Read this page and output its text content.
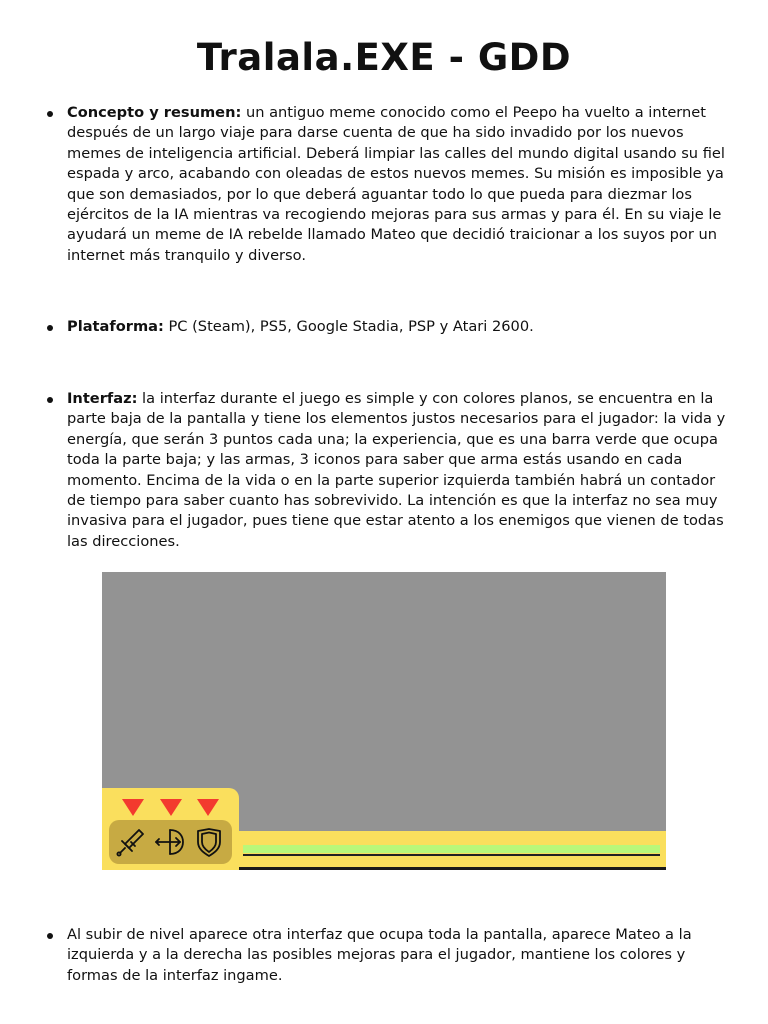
Tralala.EXE - GDD
Concepto y resumen: un antiguo meme conocido como el Peepo ha vuelto a internet después de un largo viaje para darse cuenta de que ha sido invadido por los nuevos memes de inteligencia artificial. Deberá limpiar las calles del mundo digital usando su fiel espada y arco, acabando con oleadas de estos nuevos memes. Su misión es imposible ya que son demasiados, por lo que deberá aguantar todo lo que pueda para diezmar los ejércitos de la IA mientras va recogiendo mejoras para sus armas y para él. En su viaje le ayudará un meme de IA rebelde llamado Mateo que decidió traicionar a los suyos por un internet más tranquilo y diverso.
Plataforma: PC (Steam), PS5, Google Stadia, PSP y Atari 2600.
Interfaz: la interfaz durante el juego es simple y con colores planos, se encuentra en la parte baja de la pantalla y tiene los elementos justos necesarios para el jugador: la vida y energía, que serán 3 puntos cada una; la experiencia, que es una barra verde que ocupa toda la parte baja; y las armas, 3 iconos para saber que arma estás usando en cada momento. Encima de la vida o en la parte superior izquierda también habrá un contador de tiempo para saber cuanto has sobrevivido. La intención es que la interfaz no sea muy invasiva para el jugador, pues tiene que estar atento a los enemigos que vienen de todas las direcciones.
Al subir de nivel aparece otra interfaz que ocupa toda la pantalla, aparece Mateo a la izquierda y a la derecha las posibles mejoras para el jugador, mantiene los colores y formas de la interfaz ingame.
